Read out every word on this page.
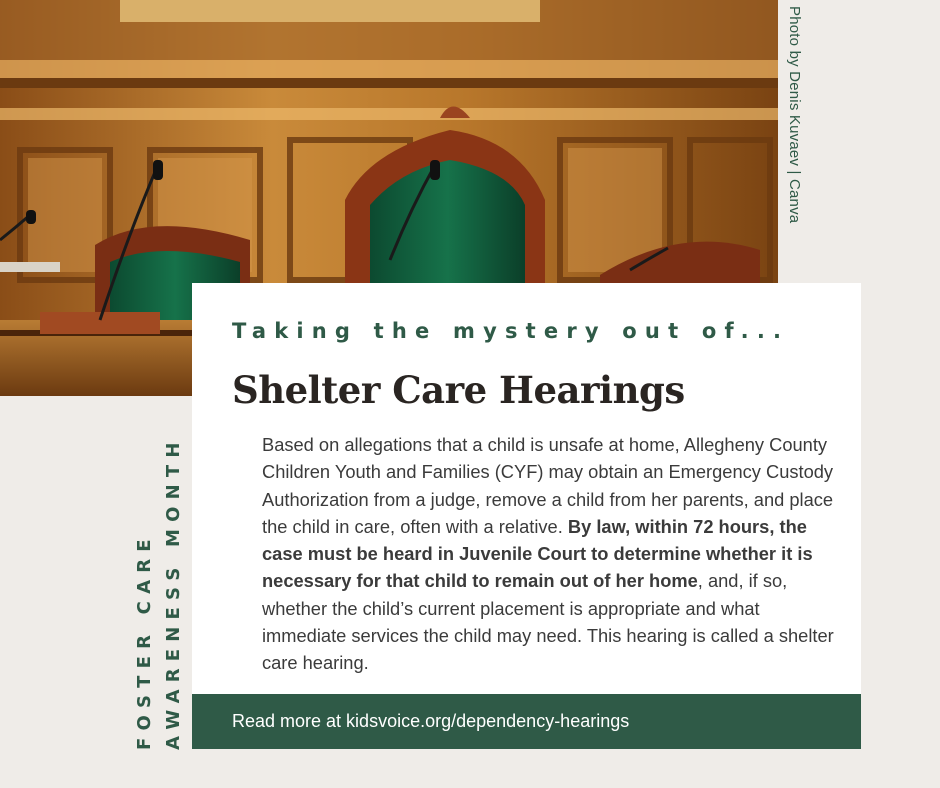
Photo by Denis Kuvaev | Canva
FOSTER CARE AWARENESS MONTH
Taking the mystery out of...
Shelter Care Hearings

Based on allegations that a child is unsafe at home, Allegheny County Children Youth and Families (CYF) may obtain an Emergency Custody Authorization from a judge, remove a child from her parents, and place the child in care, often with a relative. By law, within 72 hours, the case must be heard in Juvenile Court to determine whether it is necessary for that child to remain out of her home, and, if so, whether the child’s current placement is appropriate and what immediate services the child may need. This hearing is called a shelter care hearing.

Read more at kidsvoice.org/dependency-hearings
